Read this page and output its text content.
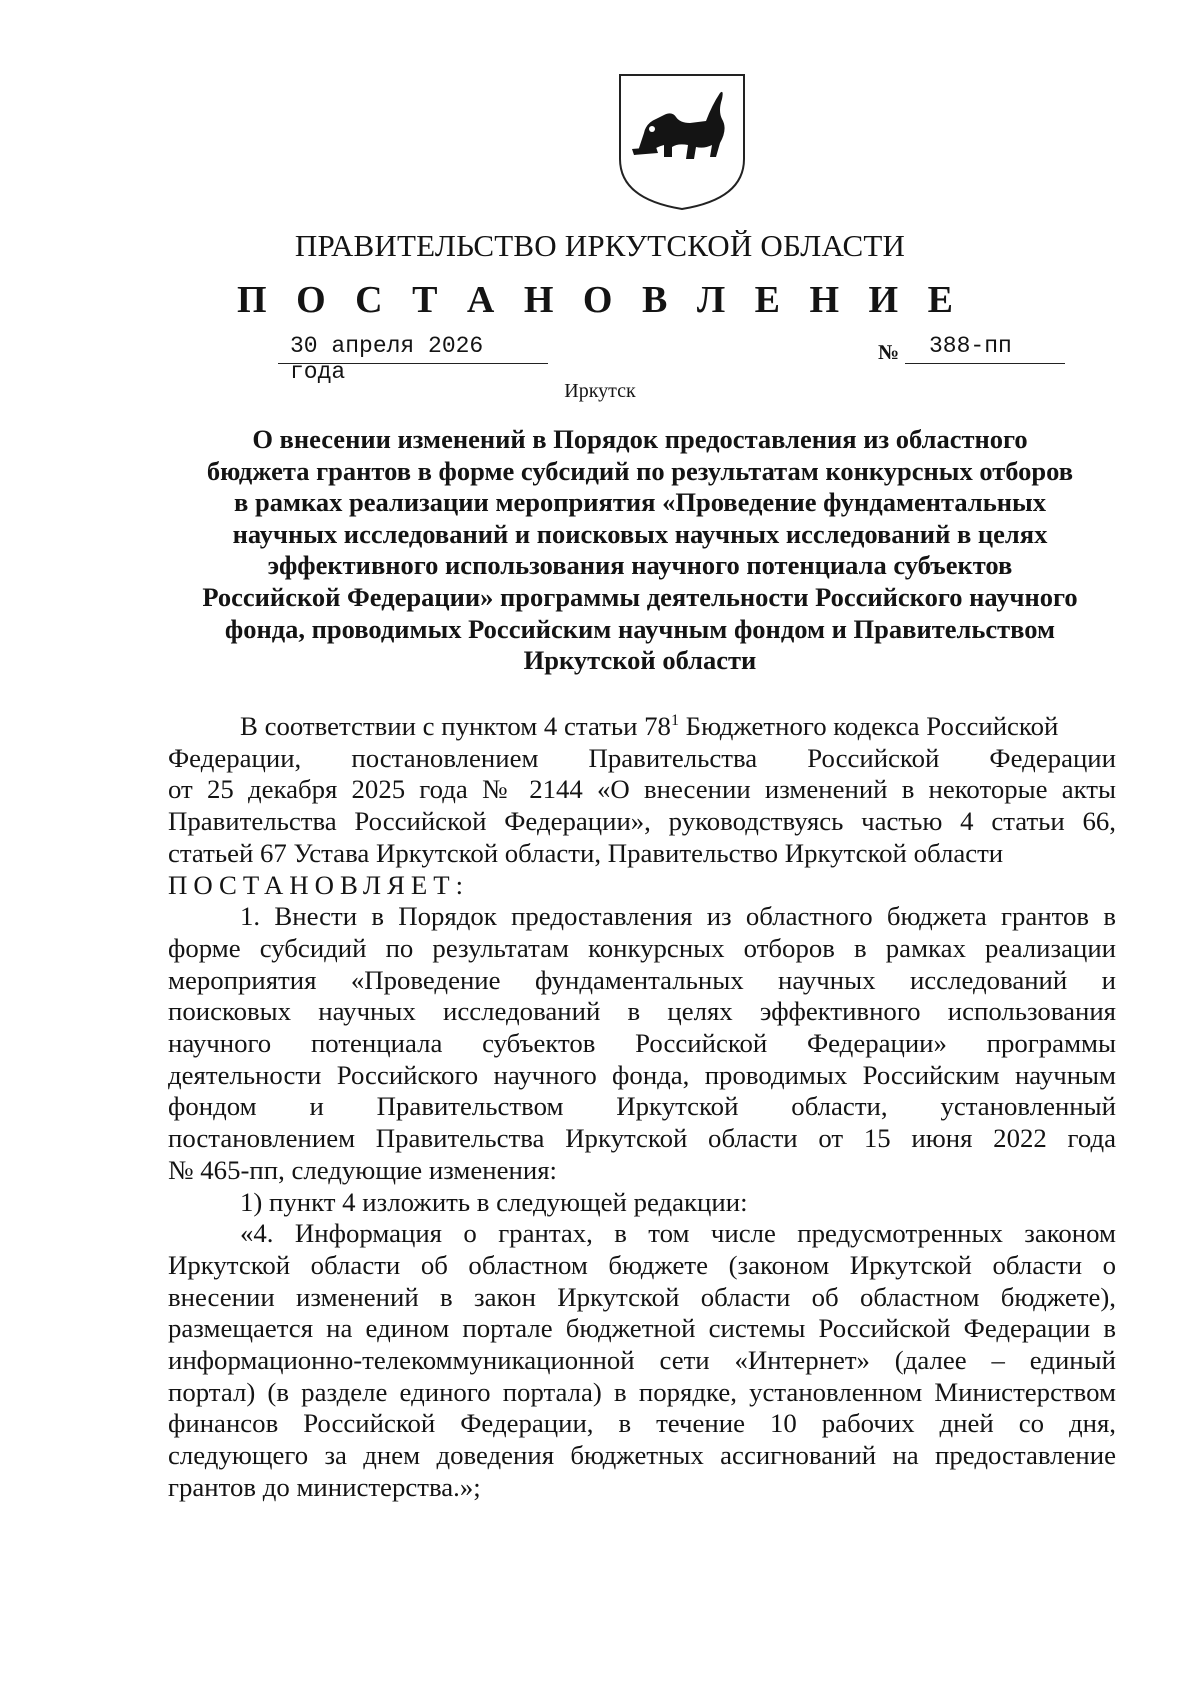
ПРАВИТЕЛЬСТВО ИРКУТСКОЙ ОБЛАСТИ
П О С Т А Н О В Л Е Н И Е
30 апреля 2026 года
№ 388-пп
Иркутск
О внесении изменений в Порядок предоставления из областного
бюджета грантов в форме субсидий по результатам конкурсных отборов
в рамках реализации мероприятия «Проведение фундаментальных
научных исследований и поисковых научных исследований в целях
эффективного использования научного потенциала субъектов
Российской Федерации» программы деятельности Российского научного
фонда, проводимых Российским научным фондом и Правительством
Иркутской области
В соответствии с пунктом 4 статьи $78^1$ Бюджетного кодекса Российской
Федерации, постановлением Правительства Российской Федерации
от 25 декабря 2025 года № 2144 «О внесении изменений в некоторые акты
Правительства Российской Федерации», руководствуясь частью 4 статьи 66,
статьей 67 Устава Иркутской области, Правительство Иркутской области
ПОСТАНОВЛЯЕТ:
1. Внести в Порядок предоставления из областного бюджета грантов в
форме субсидий по результатам конкурсных отборов в рамках реализации
мероприятия «Проведение фундаментальных научных исследований и
поисковых научных исследований в целях эффективного использования
научного потенциала субъектов Российской Федерации» программы
деятельности Российского научного фонда, проводимых Российским научным
фондом и Правительством Иркутской области, установленный
постановлением Правительства Иркутской области от 15 июня 2022 года
№ 465-пп, следующие изменения:
1) пункт 4 изложить в следующей редакции:
«4. Информация о грантах, в том числе предусмотренных законом
Иркутской области об областном бюджете (законом Иркутской области о
внесении изменений в закон Иркутской области об областном бюджете),
размещается на едином портале бюджетной системы Российской Федерации в
информационно-телекоммуникационной сети «Интернет» (далее – единый
портал) (в разделе единого портала) в порядке, установленном Министерством
финансов Российской Федерации, в течение 10 рабочих дней со дня,
следующего за днем доведения бюджетных ассигнований на предоставление
грантов до министерства.»;
